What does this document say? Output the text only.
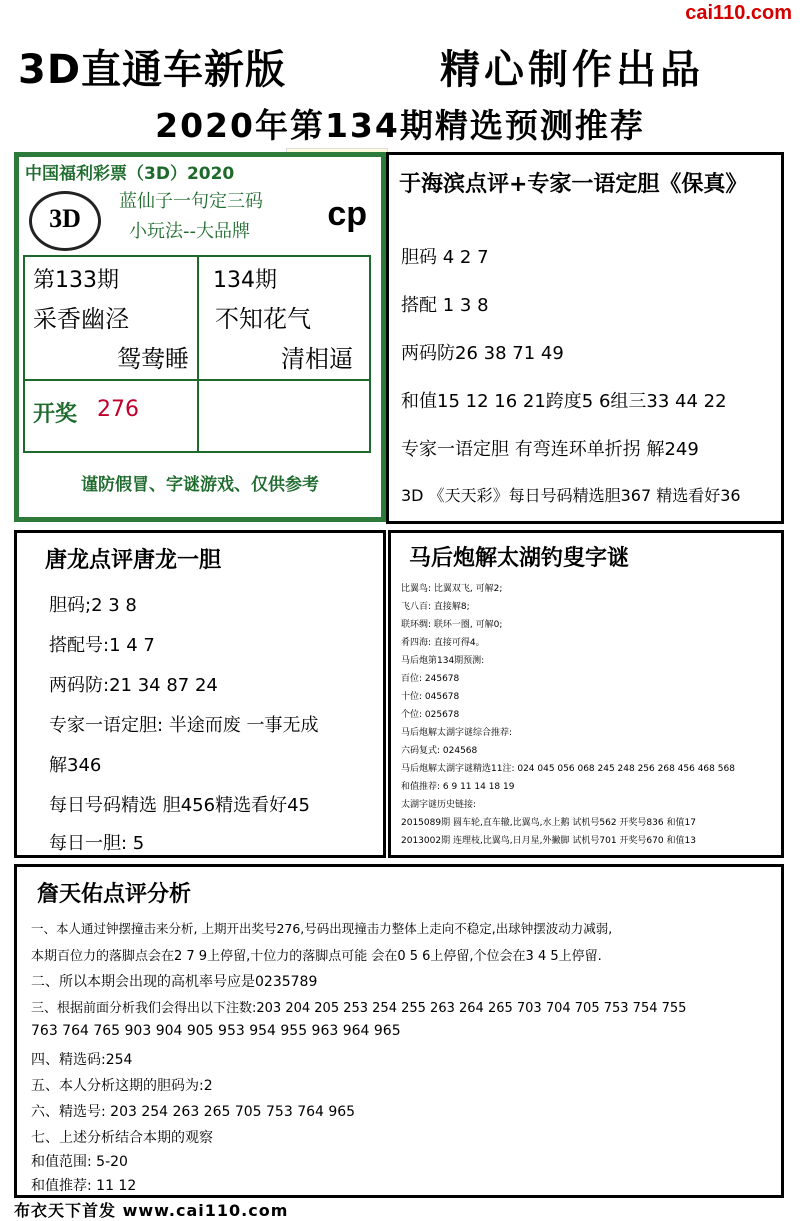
cai110.com
3D直通车新版	精心制作出品
2020年第134期精选预测推荐
中国福利彩票（3D）2020
3D
蓝仙子一句定三码
小玩法--大品牌 cp
第133期
采香幽泾
鸳鸯睡
134期
不知花气
清相逼
开奖 276
谨防假冒、字谜游戏、仅供参考
于海滨点评+专家一语定胆《保真》
胆码 4 2 7
搭配 1 3 8
两码防26 38 71 49
和值15 12 16 21跨度5 6组三33 44 22
专家一语定胆 有弯连环单折拐 解249
3D 《天天彩》每日号码精选胆367 精选看好36
唐龙点评唐龙一胆
胆码;2 3 8
搭配号:1 4 7
两码防:21 34 87 24
专家一语定胆: 半途而废 一事无成
解346
每日号码精选 胆456精选看好45
每日一胆: 5
马后炮解太湖钓叟字谜
比翼鸟: 比翼双飞, 可解2;
飞八百: 直接解8;
联环绸: 联环一圈, 可解0;
肴四海: 直接可得4。
马后炮第134期预测:
百位: 245678
十位: 045678
个位: 025678
马后炮解太湖字谜综合推荐:
六码复式: 024568
马后炮解太湖字谜精选11注: 024 045 056 068 245 248 256 268 456 468 568
和值推荐: 6 9 11 14 18 19
太湖字谜历史链接:
2015089期 圆车轮,直车辙,比翼鸟,水上鹅 试机号562 开奖号836 和值17
2013002期 连理枝,比翼鸟,日月星,外撇脚 试机号701 开奖号670 和值13
詹天佑点评分析
一、本人通过钟摆撞击来分析, 上期开出奖号276,号码出现撞击力整体上走向不稳定,出球钟摆波动力减弱,
本期百位力的落脚点会在2 7 9上停留,十位力的落脚点可能 会在0 5 6上停留,个位会在3 4 5上停留.
二、所以本期会出现的高机率号应是0235789
三、根据前面分析我们会得出以下注数:203 204 205 253 254 255 263 264 265 703 704 705 753 754 755
763 764 765 903 904 905 953 954 955 963 964 965
四、精选码:254
五、本人分析这期的胆码为:2
六、精选号: 203 254 263 265 705 753 764 965
七、上述分析结合本期的观察
和值范围: 5-20
和值推荐: 11 12
布衣天下首发 www.cai110.com
